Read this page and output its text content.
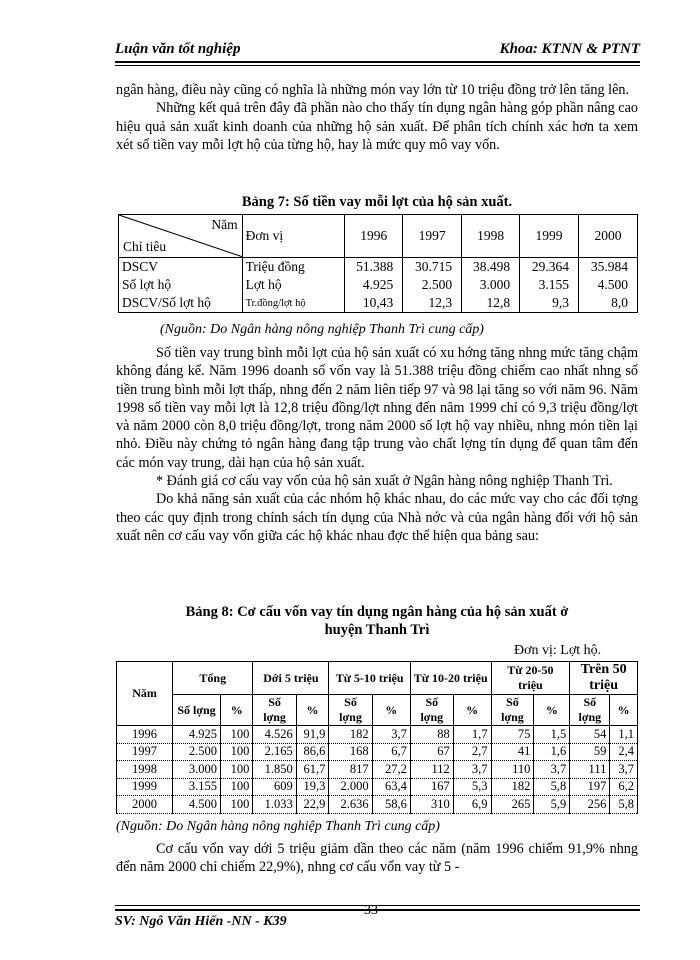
Luận văn tốt nghiệp	Khoa: KTNN & PTNT

ngân hàng, điều này cũng có nghĩa là những món vay lớn từ 10 triệu đồng trở lên tăng lên.

Những kết quả trên đây đã phần nào cho thấy tín dụng ngân hàng góp phần nâng cao hiệu quả sản xuất kinh doanh của những hộ sản xuất. Để phân tích chính xác hơn ta xem xét số tiền vay mỗi lợt hộ của từng hộ, hay là mức quy mô vay vốn.

Bảng 7: Số tiền vay mỗi lợt của hộ sản xuất.
Năm
Chỉ tiêu	Đơn vị	1996	1997	1998	1999	2000
DSCV	Triệu đồng	51.388	30.715	38.498	29.364	35.984
Số lợt hộ	Lợt hộ	4.925	2.500	3.000	3.155	4.500
DSCV/Số lợt hộ	Tr.đồng/lợt hộ	10,43	12,3	12,8	9,3	8,0
(Nguồn: Do Ngân hàng nông nghiệp Thanh Trì cung cấp)

Số tiền vay trung bình mỗi lợt của hộ sản xuất có xu hớng tăng nhng mức tăng chậm không đáng kể. Năm 1996 doanh số vốn vay là 51.388 triệu đồng chiếm cao nhất nhng số tiền trung bình mỗi lợt thấp, nhng đến 2 năm liên tiếp 97 và 98 lại tăng so với năm 96. Năm 1998 số tiền vay mỗi lợt là 12,8 triệu đồng/lợt nhng đến năm 1999 chỉ có 9,3 triệu đồng/lợt và năm 2000 còn 8,0 triệu đồng/lợt, trong năm 2000 số lợt hộ vay nhiều, nhng món tiền lại nhỏ. Điều này chứng tỏ ngân hàng đang tập trung vào chất lợng tín dụng để quan tâm đến các món vay trung, dài hạn của hộ sản xuất.

* Đánh giá cơ cấu vay vốn của hộ sản xuất ở Ngân hàng nông nghiệp Thanh Trì.

Do khả năng sản xuất của các nhóm hộ khác nhau, do các mức vay cho các đối tợng theo các quy định trong chính sách tín dụng của Nhà nớc và của ngân hàng đối với hộ sản xuất nên cơ cấu vay vốn giữa các hộ khác nhau đợc thể hiện qua bảng sau:

Bảng 8: Cơ cấu vốn vay tín dụng ngân hàng của hộ sản xuất ở
huyện Thanh Trì
Đơn vị: Lợt hộ.
Năm	Tổng		Dới 5 triệu		Từ 5-10 triệu		Từ 10-20 triệu		Từ 20-50 triệu		Trên 50 triệu	
	Số lợng	%	Số lợng	%	Số lợng	%	Số lợng	%	Số lợng	%	Số lợng	%
1996	4.925	100	4.526	91,9	182	3,7	88	1,7	75	1,5	54	1,1
1997	2.500	100	2.165	86,6	168	6,7	67	2,7	41	1,6	59	2,4
1998	3.000	100	1.850	61,7	817	27,2	112	3,7	110	3,7	111	3,7
1999	3.155	100	609	19,3	2.000	63,4	167	5,3	182	5,8	197	6,2
2000	4.500	100	1.033	22,9	2.636	58,6	310	6,9	265	5,9	256	5,8
(Nguồn: Do Ngân hàng nông nghiệp Thanh Trì cung cấp)

Cơ cấu vốn vay dới 5 triệu giảm dần theo các năm (năm 1996 chiếm 91,9% nhng đến năm 2000 chỉ chiếm 22,9%), nhng cơ cấu vốn vay từ 5 -

33
SV: Ngô Văn Hiển -NN - K39
